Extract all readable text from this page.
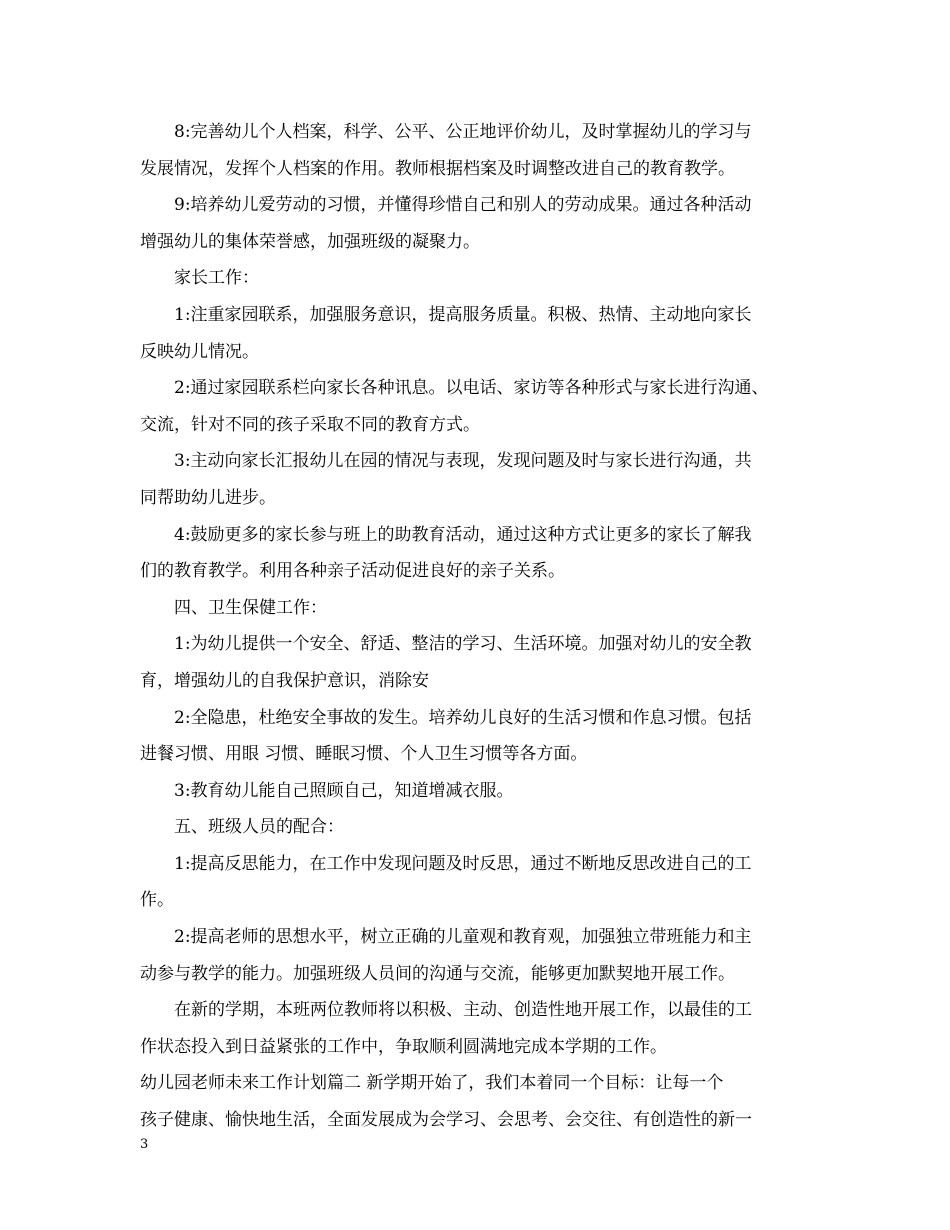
8:完善幼儿个人档案，科学、公平、公正地评价幼儿，及时掌握幼儿的学习与
发展情况，发挥个人档案的作用。教师根据档案及时调整改进自己的教育教学。
9:培养幼儿爱劳动的习惯，并懂得珍惜自己和别人的劳动成果。通过各种活动
增强幼儿的集体荣誉感，加强班级的凝聚力。
家长工作：
1:注重家园联系，加强服务意识，提高服务质量。积极、热情、主动地向家长
反映幼儿情况。
2:通过家园联系栏向家长各种讯息。以电话、家访等各种形式与家长进行沟通、
交流，针对不同的孩子采取不同的教育方式。
3:主动向家长汇报幼儿在园的情况与表现，发现问题及时与家长进行沟通，共
同帮助幼儿进步。
4:鼓励更多的家长参与班上的助教育活动，通过这种方式让更多的家长了解我
们的教育教学。利用各种亲子活动促进良好的亲子关系。
四、卫生保健工作：
1:为幼儿提供一个安全、舒适、整洁的学习、生活环境。加强对幼儿的安全教
育，增强幼儿的自我保护意识，消除安
2:全隐患，杜绝安全事故的发生。培养幼儿良好的生活习惯和作息习惯。包括
进餐习惯、用眼 习惯、睡眠习惯、个人卫生习惯等各方面。
3:教育幼儿能自己照顾自己，知道增减衣服。
五、班级人员的配合：
1:提高反思能力，在工作中发现问题及时反思，通过不断地反思改进自己的工
作。
2:提高老师的思想水平，树立正确的儿童观和教育观，加强独立带班能力和主
动参与教学的能力。加强班级人员间的沟通与交流，能够更加默契地开展工作。
在新的学期，本班两位教师将以积极、主动、创造性地开展工作，以最佳的工
作状态投入到日益紧张的工作中，争取顺利圆满地完成本学期的工作。
幼儿园老师未来工作计划篇二 新学期开始了，我们本着同一个目标：让每一个
孩子健康、愉快地生活，全面发展成为会学习、会思考、会交往、有创造性的新一
3
